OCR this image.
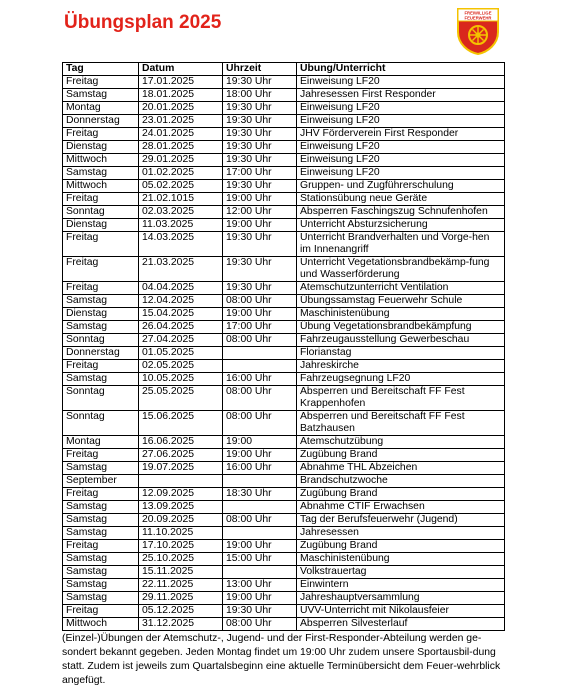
Übungsplan 2025	FREIWILLIGE
FEUERWEHR
Tag	Datum	Uhrzeit	Übung/Unterricht
Freitag	17.01.2025	19:30 Uhr	Einweisung LF20
Samstag	18.01.2025	18:00 Uhr	Jahresessen First Responder
Montag	20.01.2025	19:30 Uhr	Einweisung LF20
Donnerstag	23.01.2025	19:30 Uhr	Einweisung LF20
Freitag	24.01.2025	19:30 Uhr	JHV Förderverein First Responder
Dienstag	28.01.2025	19:30 Uhr	Einweisung LF20
Mittwoch	29.01.2025	19:30 Uhr	Einweisung LF20
Samstag	01.02.2025	17:00 Uhr	Einweisung LF20
Mittwoch	05.02.2025	19:30 Uhr	Gruppen- und Zugführerschulung
Freitag	21.02.1015	19:00 Uhr	Stationsübung neue Geräte
Sonntag	02.03.2025	12:00 Uhr	Absperren Faschingszug Schnufenhofen
Dienstag	11.03.2025	19:00 Uhr	Unterricht Absturzsicherung
Freitag	14.03.2025	19:30 Uhr	Unterricht Brandverhalten und Vorge-hen im Innenangriff
Freitag	21.03.2025	19:30 Uhr	Unterricht Vegetationsbrandbekämp-fung und Wasserförderung
Freitag	04.04.2025	19:30 Uhr	Atemschutzunterricht Ventilation
Samstag	12.04.2025	08:00 Uhr	Übungssamstag Feuerwehr Schule
Dienstag	15.04.2025	19:00 Uhr	Maschinistenübung
Samstag	26.04.2025	17:00 Uhr	Übung Vegetationsbrandbekämpfung
Sonntag	27.04.2025	08:00 Uhr	Fahrzeugausstellung Gewerbeschau
Donnerstag	01.05.2025		Florianstag
Freitag	02.05.2025		Jahreskirche
Samstag	10.05.2025	16:00 Uhr	Fahrzeugsegnung LF20
Sonntag	25.05.2025	08:00 Uhr	Absperren und Bereitschaft FF Fest Krappenhofen
Sonntag	15.06.2025	08:00 Uhr	Absperren und Bereitschaft FF Fest Batzhausen
Montag	16.06.2025	19:00	Atemschutzübung
Freitag	27.06.2025	19:00 Uhr	Zugübung Brand
Samstag	19.07.2025	16:00 Uhr	Abnahme THL Abzeichen
September			Brandschutzwoche
Freitag	12.09.2025	18:30 Uhr	Zugübung Brand
Samstag	13.09.2025		Abnahme CTIF Erwachsen
Samstag	20.09.2025	08:00 Uhr	Tag der Berufsfeuerwehr (Jugend)
Samstag	11.10.2025		Jahresessen
Freitag	17.10.2025	19:00 Uhr	Zugübung Brand
Samstag	25.10.2025	15:00 Uhr	Maschinistenübung
Samstag	15.11.2025		Volkstrauertag
Samstag	22.11.2025	13:00 Uhr	Einwintern
Samstag	29.11.2025	19:00 Uhr	Jahreshauptversammlung
Freitag	05.12.2025	19:30 Uhr	UVV-Unterricht mit Nikolausfeier
Mittwoch	31.12.2025	08:00 Uhr	Absperren Silvesterlauf

(Einzel-)Übungen der Atemschutz-, Jugend- und der First-Responder-Abteilung werden ge-sondert bekannt gegeben. Jeden Montag findet um 19:00 Uhr zudem unsere Sportausbil-dung statt. Zudem ist jeweils zum Quartalsbeginn eine aktuelle Terminübersicht dem Feuer-wehrblick angefügt.
